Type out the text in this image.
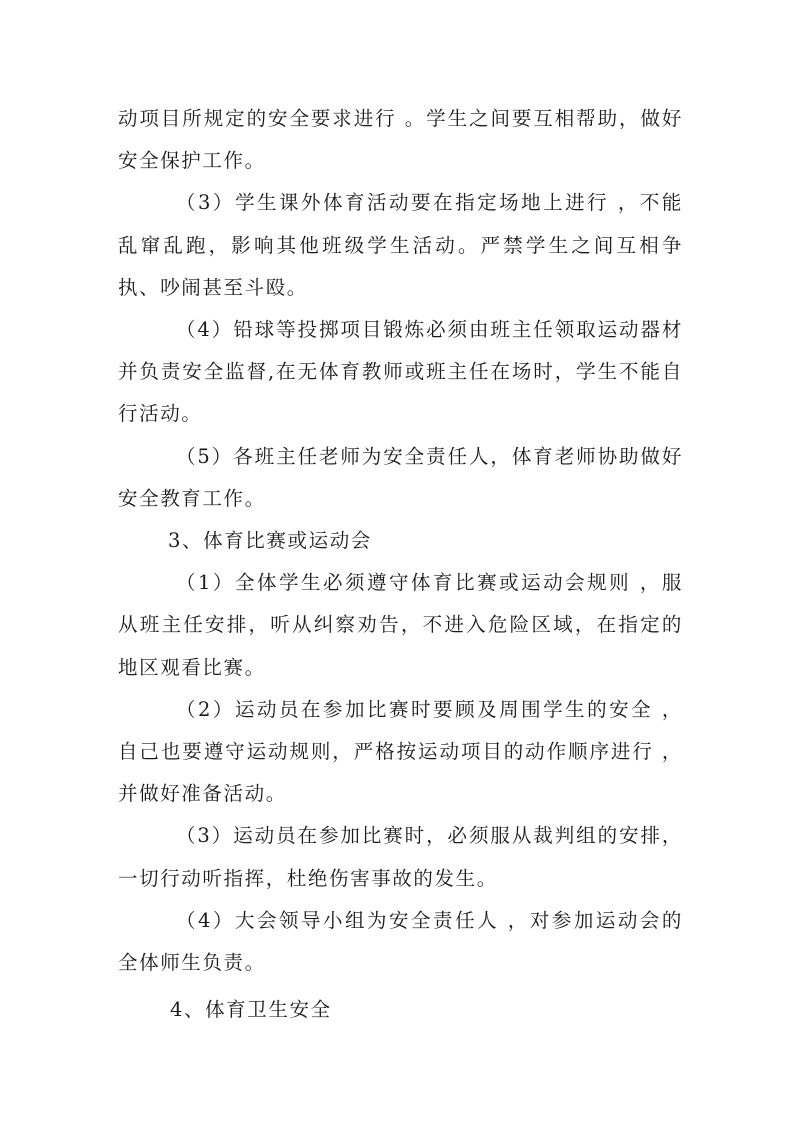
动项目所规定的安全要求进行 。学生之间要互相帮助，做好安全保护工作。

（3）学生课外体育活动要在指定场地上进行 ，不能乱窜乱跑，影响其他班级学生活动。严禁学生之间互相争执、吵闹甚至斗殴。

（4）铅球等投掷项目锻炼必须由班主任领取运动器材并负责安全监督,在无体育教师或班主任在场时，学生不能自行活动。

（5）各班主任老师为安全责任人，体育老师协助做好安全教育工作。

3、体育比赛或运动会

（1）全体学生必须遵守体育比赛或运动会规则 ，服从班主任安排，听从纠察劝告，不进入危险区域，在指定的地区观看比赛。

（2）运动员在参加比赛时要顾及周围学生的安全 ，自己也要遵守运动规则，严格按运动项目的动作顺序进行 ，并做好准备活动。

（3）运动员在参加比赛时，必须服从裁判组的安排，一切行动听指挥，杜绝伤害事故的发生。

（4）大会领导小组为安全责任人 ，对参加运动会的全体师生负责。

4、体育卫生安全
